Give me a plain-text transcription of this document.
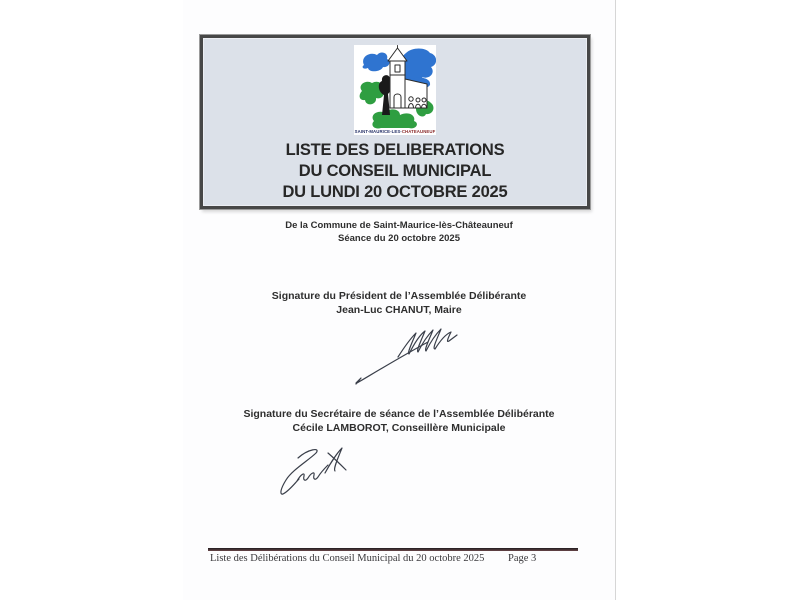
SAINT-MAURICE-LES-CHATEAUNEUF
LISTE DES DELIBERATIONS
DU CONSEIL MUNICIPAL
DU LUNDI 20 OCTOBRE 2025
De la Commune de Saint-Maurice-lès-Châteauneuf
Séance du 20 octobre 2025
Signature du Président de l’Assemblée Délibérante
Jean-Luc CHANUT, Maire
Signature du Secrétaire de séance de l’Assemblée Délibérante
Cécile LAMBOROT, Conseillère Municipale
Liste des Délibérations du Conseil Municipal du 20 octobre 2025 Page 3
